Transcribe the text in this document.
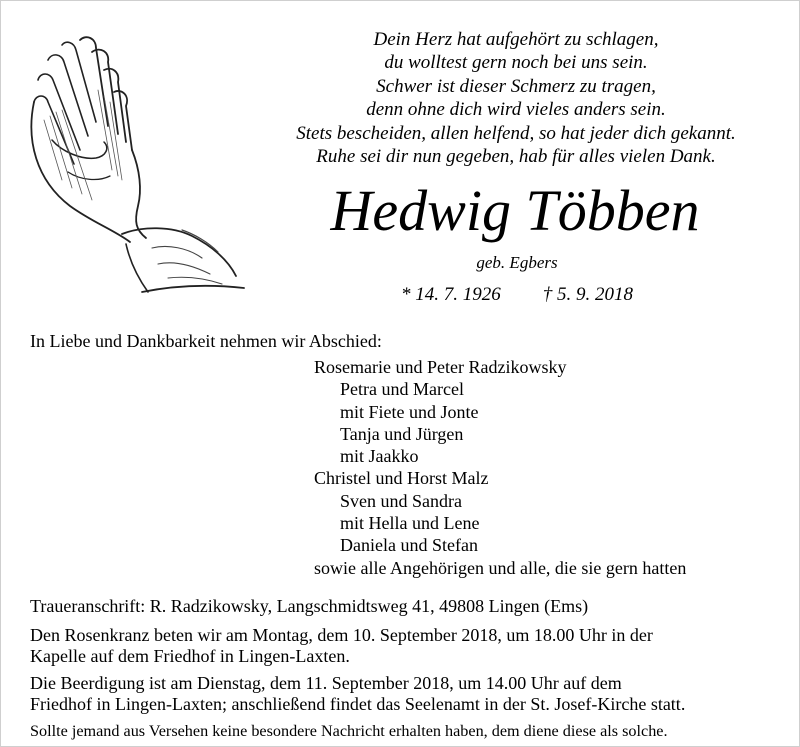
Dein Herz hat aufgehört zu schlagen,
du wolltest gern noch bei uns sein.
Schwer ist dieser Schmerz zu tragen,
denn ohne dich wird vieles anders sein.
Stets bescheiden, allen helfend, so hat jeder dich gekannt.
Ruhe sei dir nun gegeben, hab für alles vielen Dank.
Hedwig Többen
geb. Egbers
* 14. 7. 1926 † 5. 9. 2018
In Liebe und Dankbarkeit nehmen wir Abschied:
Rosemarie und Peter Radzikowsky
Petra und Marcel
mit Fiete und Jonte
Tanja und Jürgen
mit Jaakko
Christel und Horst Malz
Sven und Sandra
mit Hella und Lene
Daniela und Stefan
sowie alle Angehörigen und alle, die sie gern hatten

Traueranschrift: R. Radzikowsky, Langschmidtsweg 41, 49808 Lingen (Ems)

Den Rosenkranz beten wir am Montag, dem 10. September 2018, um 18.00 Uhr in der

Kapelle auf dem Friedhof in Lingen-Laxten.

Die Beerdigung ist am Dienstag, dem 11. September 2018, um 14.00 Uhr auf dem

Friedhof in Lingen-Laxten; anschließend findet das Seelenamt in der St. Josef-Kirche statt.

Sollte jemand aus Versehen keine besondere Nachricht erhalten haben, dem diene diese als solche.
